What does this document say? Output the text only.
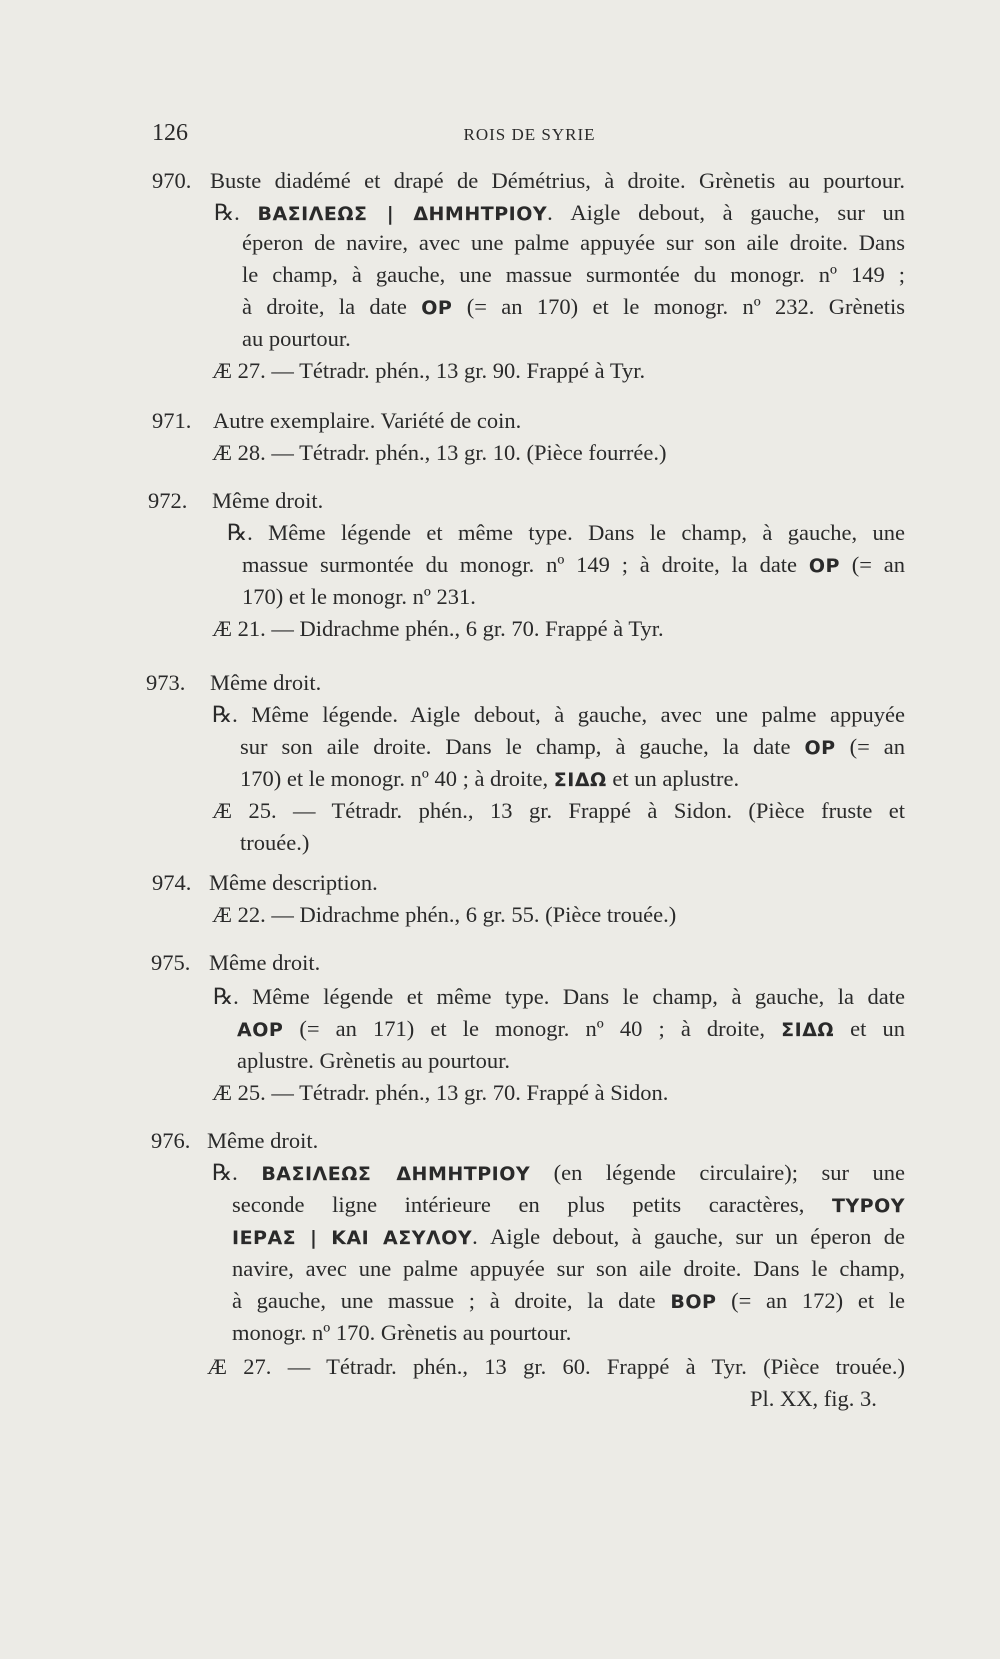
126	ROIS DE SYRIE
970. Buste diadémé et drapé de Démétrius, à droite. Grènetis au pourtour.
℞. ΒΑΣΙΛΕΩΣ | ΔΗΜΗΤΡΙΟΥ. Aigle debout, à gauche, sur un
éperon de navire, avec une palme appuyée sur son aile droite. Dans
le champ, à gauche, une massue surmontée du monogr. nº 149 ;
à droite, la date ΟΡ (= an 170) et le monogr. nº 232. Grènetis
au pourtour.
Æ 27. — Tétradr. phén., 13 gr. 90. Frappé à Tyr.
971. Autre exemplaire. Variété de coin.
Æ 28. — Tétradr. phén., 13 gr. 10. (Pièce fourrée.)
972. Même droit.
℞. Même légende et même type. Dans le champ, à gauche, une
massue surmontée du monogr. nº 149 ; à droite, la date ΟΡ (= an
170) et le monogr. nº 231.
Æ 21. — Didrachme phén., 6 gr. 70. Frappé à Tyr.
973. Même droit.
℞. Même légende. Aigle debout, à gauche, avec une palme appuyée
sur son aile droite. Dans le champ, à gauche, la date ΟΡ (= an
170) et le monogr. nº 40 ; à droite, ΣΙΔΩ et un aplustre.
Æ 25. — Tétradr. phén., 13 gr. Frappé à Sidon. (Pièce fruste et
trouée.)
974. Même description.
Æ 22. — Didrachme phén., 6 gr. 55. (Pièce trouée.)
975. Même droit.
℞. Même légende et même type. Dans le champ, à gauche, la date
ΑΟΡ (= an 171) et le monogr. nº 40 ; à droite, ΣΙΔΩ et un
aplustre. Grènetis au pourtour.
Æ 25. — Tétradr. phén., 13 gr. 70. Frappé à Sidon.
976. Même droit.
℞. ΒΑΣΙΛΕΩΣ ΔΗΜΗΤΡΙΟΥ (en légende circulaire); sur une
seconde ligne intérieure en plus petits caractères, ΤΥΡΟΥ
ΙΕΡΑΣ | ΚΑΙ ΑΣΥΛΟΥ. Aigle debout, à gauche, sur un éperon de
navire, avec une palme appuyée sur son aile droite. Dans le champ,
à gauche, une massue ; à droite, la date ΒΟΡ (= an 172) et le
monogr. nº 170. Grènetis au pourtour.
Æ 27. — Tétradr. phén., 13 gr. 60. Frappé à Tyr. (Pièce trouée.)
Pl. XX, fig. 3.
